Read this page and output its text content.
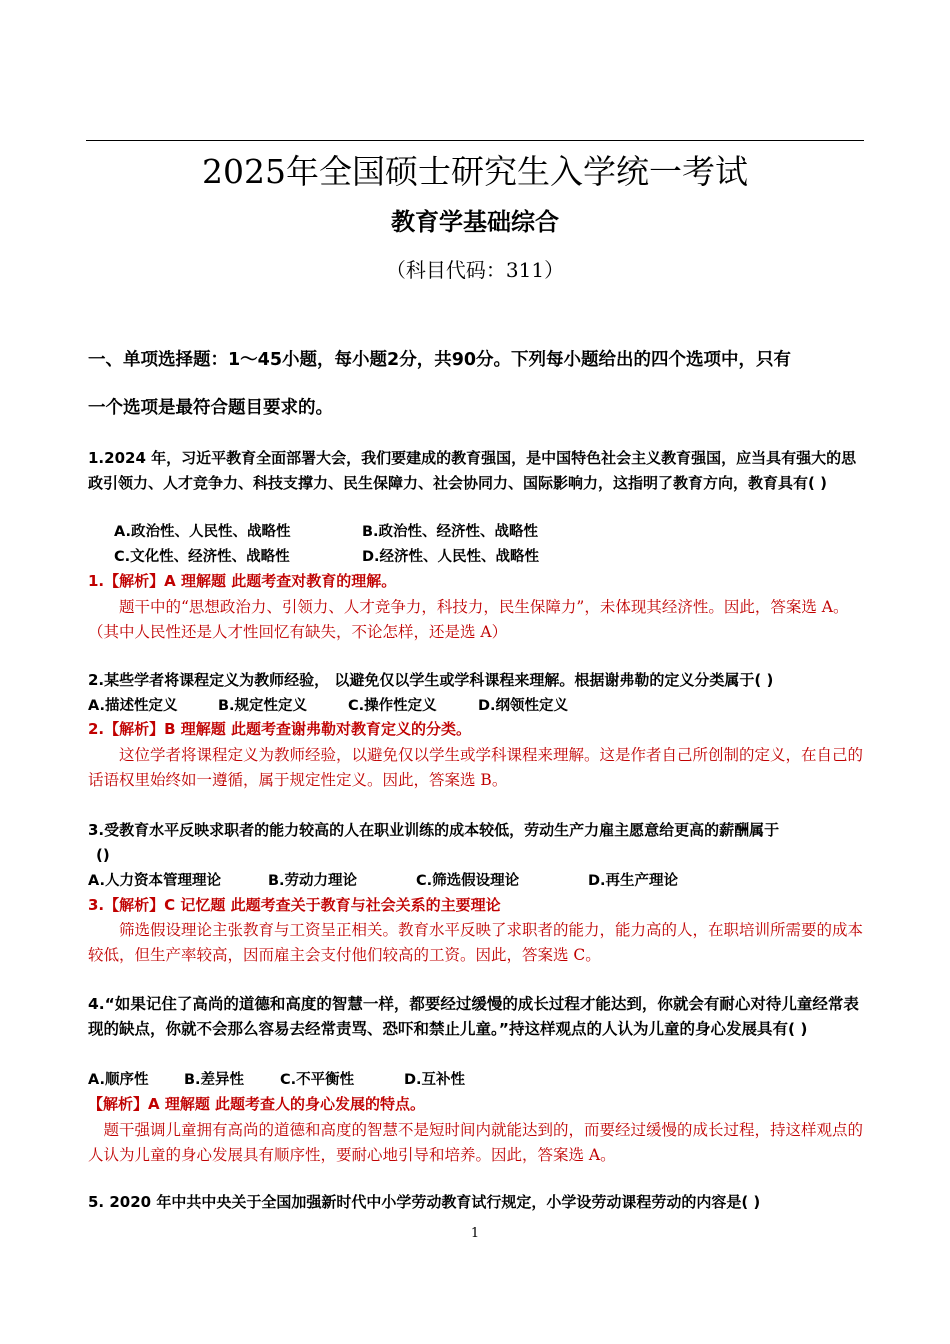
2025年全国硕士研究生入学统一考试
教育学基础综合
（科目代码：311）
一、单项选择题：1～45小题，每小题2分，共90分。下列每小题给出的四个选项中，只有
一个选项是最符合题目要求的。
1.2024 年，习近平教育全面部署大会，我们要建成的教育强国，是中国特色社会主义教育强国，应当具有强大的思政引领力、人才竞争力、科技支撑力、民生保障力、社会协同力、国际影响力，这指明了教育方向，教育具有( )
A.政治性、人民性、战略性	B.政治性、经济性、战略性
C.文化性、经济性、战略性	D.经济性、人民性、战略性
1.【解析】A 理解题 此题考查对教育的理解。
　　题干中的“思想政治力、引领力、人才竞争力，科技力，民生保障力”，未体现其经济性。因此，答案选 A。（其中人民性还是人才性回忆有缺失，不论怎样，还是选 A）
2.某些学者将课程定义为教师经验， 以避免仅以学生或学科课程来理解。根据谢弗勒的定义分类属于( )
A.描述性定义	B.规定性定义	C.操作性定义	D.纲领性定义
2.【解析】B 理解题 此题考查谢弗勒对教育定义的分类。
　　这位学者将课程定义为教师经验，以避免仅以学生或学科课程来理解。这是作者自己所创制的定义，在自己的话语权里始终如一遵循，属于规定性定义。因此，答案选 B。
3.受教育水平反映求职者的能力较高的人在职业训练的成本较低，劳动生产力雇主愿意给更高的薪酬属于
()
A.人力资本管理理论	B.劳动力理论	C.筛选假设理论	D.再生产理论
3.【解析】C 记忆题 此题考查关于教育与社会关系的主要理论
　　筛选假设理论主张教育与工资呈正相关。教育水平反映了求职者的能力，能力高的人，在职培训所需要的成本较低，但生产率较高，因而雇主会支付他们较高的工资。因此，答案选 C。
4.“如果记住了高尚的道德和高度的智慧一样，都要经过缓慢的成长过程才能达到，你就会有耐心对待儿童经常表现的缺点，你就不会那么容易去经常责骂、恐吓和禁止儿童。”持这样观点的人认为儿童的身心发展具有( )
A.顺序性 B.差异性 C.不平衡性	D.互补性
【解析】A 理解题 此题考查人的身心发展的特点。
　题干强调儿童拥有高尚的道德和高度的智慧不是短时间内就能达到的，而要经过缓慢的成长过程，持这样观点的人认为儿童的身心发展具有顺序性，要耐心地引导和培养。因此，答案选 A。
5. 2020 年中共中央关于全国加强新时代中小学劳动教育试行规定，小学设劳动课程劳动的内容是( )
1
